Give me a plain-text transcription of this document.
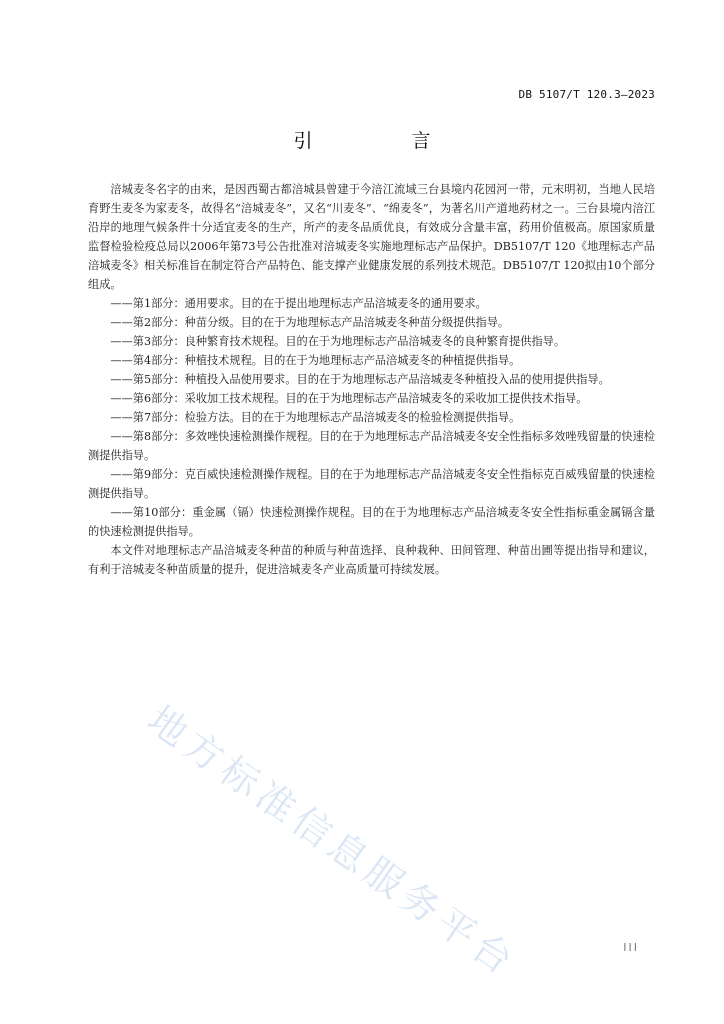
DB 5107/T 120.3—2023
引　言

涪城麦冬名字的由来，是因西蜀古都涪城县曾建于今涪江流域三台县境内花园河一带，元末明初，当地人民培育野生麦冬为家麦冬，故得名“涪城麦冬”，又名“川麦冬”、“绵麦冬”，为著名川产道地药材之一。三台县境内涪江沿岸的地理气候条件十分适宜麦冬的生产，所产的麦冬品质优良，有效成分含量丰富，药用价值极高。原国家质量监督检验检疫总局以2006年第73号公告批准对涪城麦冬实施地理标志产品保护。DB5107/T 120《地理标志产品 涪城麦冬》相关标准旨在制定符合产品特色、能支撑产业健康发展的系列技术规范。DB5107/T 120拟由10个部分组成。

——第1部分：通用要求。目的在于提出地理标志产品涪城麦冬的通用要求。

——第2部分：种苗分级。目的在于为地理标志产品涪城麦冬种苗分级提供指导。

——第3部分：良种繁育技术规程。目的在于为地理标志产品涪城麦冬的良种繁育提供指导。

——第4部分：种植技术规程。目的在于为地理标志产品涪城麦冬的种植提供指导。

——第5部分：种植投入品使用要求。目的在于为地理标志产品涪城麦冬种植投入品的使用提供指导。

——第6部分：采收加工技术规程。目的在于为地理标志产品涪城麦冬的采收加工提供技术指导。

——第7部分：检验方法。目的在于为地理标志产品涪城麦冬的检验检测提供指导。

——第8部分：多效唑快速检测操作规程。目的在于为地理标志产品涪城麦冬安全性指标多效唑残留量的快速检测提供指导。

——第9部分：克百威快速检测操作规程。目的在于为地理标志产品涪城麦冬安全性指标克百威残留量的快速检测提供指导。

——第10部分：重金属（镉）快速检测操作规程。目的在于为地理标志产品涪城麦冬安全性指标重金属镉含量的快速检测提供指导。

本文件对地理标志产品涪城麦冬种苗的种质与种苗选择、良种栽种、田间管理、种苗出圃等提出指导和建议，有利于涪城麦冬种苗质量的提升，促进涪城麦冬产业高质量可持续发展。

地方标准信息服务平台	III
